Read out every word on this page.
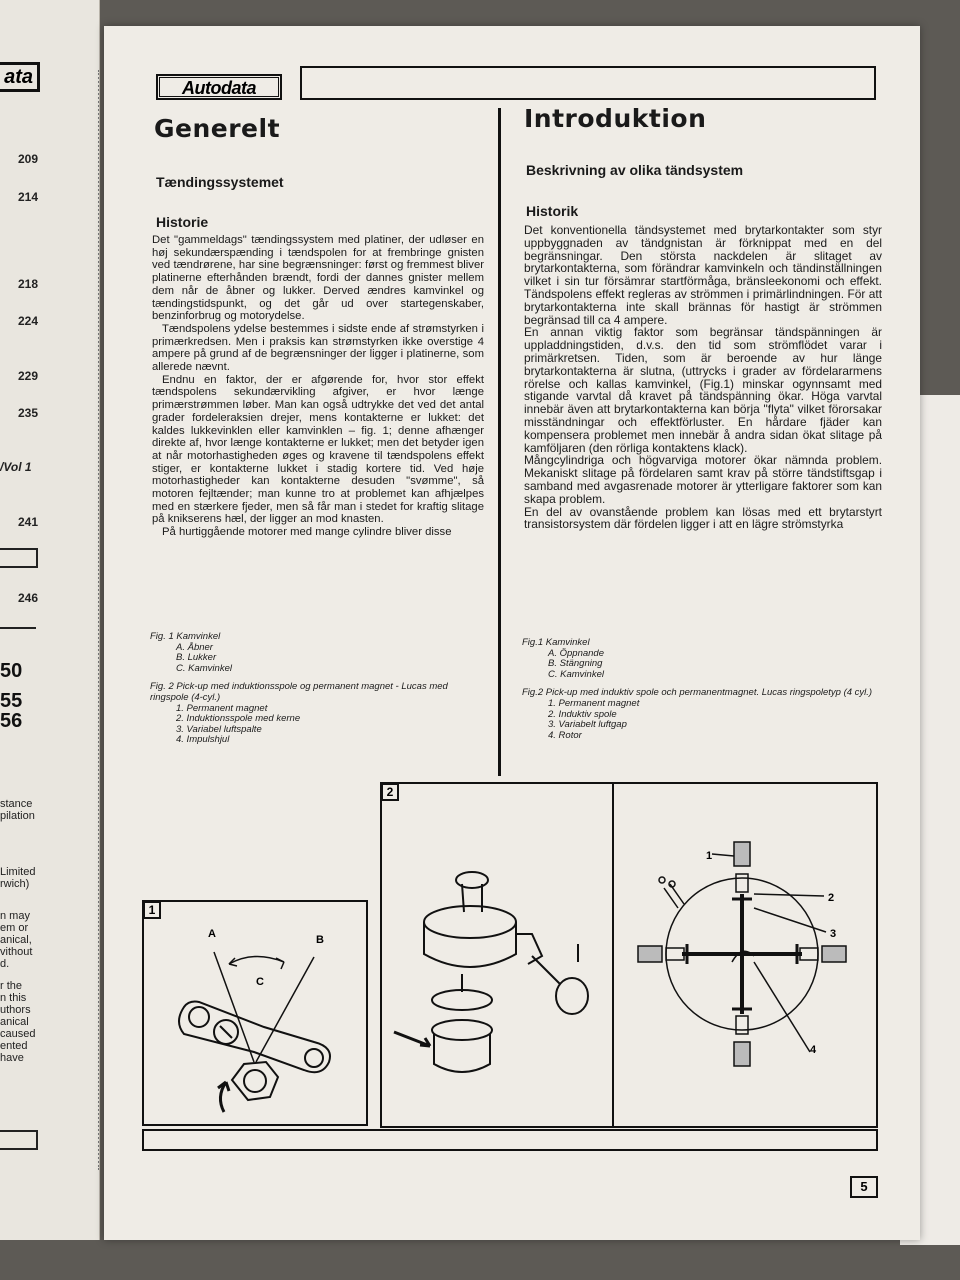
ata
209
214
218
224
229
235
/Vol 1
241
246
50
55
56
stance
pilation
Limited
rwich)
n may
em or
anical,
vithout
d.
r the
n this
uthors
anical
caused
ented
have
Autodata
Generelt
Tændingssystemet
Historie

Det "gammeldags" tændingssystem med platiner, der udløser en høj sekundærspænding i tændspolen for at frembringe gnisten ved tændrørene, har sine begrænsninger: først og fremmest bliver platinerne efterhånden brændt, fordi der dannes gnister mellem dem når de åbner og lukker. Derved ændres kamvinkel og tændingstidspunkt, og det går ud over startegenskaber, benzinforbrug og motorydelse.

Tændspolens ydelse bestemmes i sidste ende af strømstyrken i primærkredsen. Men i praksis kan strømstyrken ikke overstige 4 ampere på grund af de begrænsninger der ligger i platinerne, som allerede nævnt.

Endnu en faktor, der er afgørende for, hvor stor effekt tændspolens sekundærvikling afgiver, er hvor længe primærstrømmen løber. Man kan også udtrykke det ved det antal grader fordeleraksien drejer, mens kontakterne er lukket: det kaldes lukkevinklen eller kamvinklen – fig. 1; denne afhænger direkte af, hvor længe kontakterne er lukket; men det betyder igen at når motorhastigheden øges og kravene til tændspolens effekt stiger, er kontakterne lukket i stadig kortere tid. Ved høje motorhastigheder kan kontakterne desuden "svømme", så motoren fejltænder; man kunne tro at problemet kan afhjælpes med en stærkere fjeder, men så får man i stedet for kraftig slitage på knikserens hæl, der ligger an mod knasten.

På hurtiggående motorer med mange cylindre bliver disse

Fig. 1 Kamvinkel
A. Åbner
B. Lukker
C. Kamvinkel
Fig. 2 Pick-up med induktionsspole og permanent magnet - Lucas med ringspole (4-cyl.)
1. Permanent magnet
2. Induktionsspole med kerne
3. Variabel luftspalte
4. Impulshjul
Introduktion
Beskrivning av olika tändsystem
Historik

Det konventionella tändsystemet med brytarkontakter som styr uppbyggnaden av tändgnistan är förknippat med en del begränsningar. Den största nackdelen är slitaget av brytarkontakterna, som förändrar kamvinkeln och tändinställningen vilket i sin tur försämrar startförmåga, bränsleekonomi och effekt. Tändspolens effekt regleras av strömmen i primärlindningen. För att brytarkontakterna inte skall brännas för hastigt är strömmen begränsad till ca 4 ampere.

En annan viktig faktor som begränsar tändspänningen är uppladdningstiden, d.v.s. den tid som strömflödet varar i primärkretsen. Tiden, som är beroende av hur länge brytarkontakterna är slutna, (uttrycks i grader av fördelararmens rörelse och kallas kamvinkel, (Fig.1) minskar ogynnsamt med stigande varvtal då kravet på tändspänning ökar. Höga varvtal innebär även att brytarkontakterna kan börja "flyta" vilket förorsakar misständningar och effektförluster. En hårdare fjäder kan kompensera problemet men innebär å andra sidan ökat slitage på kamföljaren (den rörliga kontaktens klack).

Mångcylindriga och högvarviga motorer ökar nämnda problem. Mekaniskt slitage på fördelaren samt krav på större tändstiftsgap i samband med avgasrenade motorer är ytterligare faktorer som kan skapa problem.

En del av ovanstående problem kan lösas med ett brytarstyrt transistorsystem där fördelen ligger i att en lägre strömstyrka

Fig.1 Kamvinkel
A. Öppnande
B. Stängning
C. Kamvinkel
Fig.2 Pick-up med induktiv spole och permanentmagnet. Lucas ringspoletyp (4 cyl.)
1. Permanent magnet
2. Induktiv spole
3. Variabelt luftgap
4. Rotor
1
A	B
C
2
1
2
3
4
5
